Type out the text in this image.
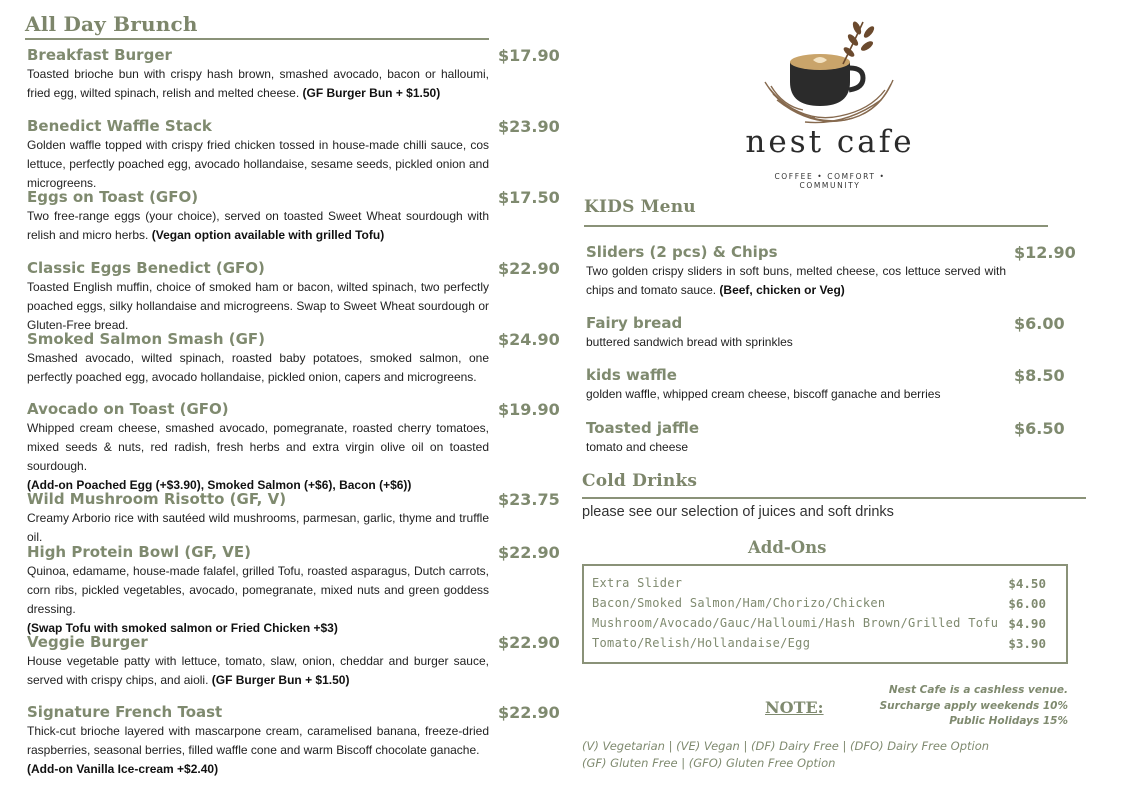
All Day Brunch
Breakfast Burger	$17.90
Toasted brioche bun with crispy hash brown, smashed avocado, bacon or halloumi, fried egg, wilted spinach, relish and melted cheese. (GF Burger Bun + $1.50)
Benedict Waffle Stack	$23.90
Golden waffle topped with crispy fried chicken tossed in house-made chilli sauce, cos lettuce, perfectly poached egg, avocado hollandaise, sesame seeds, pickled onion and microgreens.
Eggs on Toast (GFO)	$17.50
Two free-range eggs (your choice), served on toasted Sweet Wheat sourdough with relish and micro herbs. (Vegan option available with grilled Tofu)
Classic Eggs Benedict (GFO)	$22.90
Toasted English muffin, choice of smoked ham or bacon, wilted spinach, two perfectly poached eggs, silky hollandaise and microgreens. Swap to Sweet Wheat sourdough or Gluten-Free bread.
Smoked Salmon Smash (GF)	$24.90
Smashed avocado, wilted spinach, roasted baby potatoes, smoked salmon, one perfectly poached egg, avocado hollandaise, pickled onion, capers and microgreens.
Avocado on Toast (GFO)	$19.90
Whipped cream cheese, smashed avocado, pomegranate, roasted cherry tomatoes, mixed seeds & nuts, red radish, fresh herbs and extra virgin olive oil on toasted sourdough.
(Add-on Poached Egg (+$3.90), Smoked Salmon (+$6), Bacon (+$6))
Wild Mushroom Risotto (GF, V)	$23.75
Creamy Arborio rice with sautéed wild mushrooms, parmesan, garlic, thyme and truffle oil.
High Protein Bowl (GF, VE)	$22.90
Quinoa, edamame, house-made falafel, grilled Tofu, roasted asparagus, Dutch carrots, corn ribs, pickled vegetables, avocado, pomegranate, mixed nuts and green goddess dressing.
(Swap Tofu with smoked salmon or Fried Chicken +$3)
Veggie Burger	$22.90
House vegetable patty with lettuce, tomato, slaw, onion, cheddar and burger sauce, served with crispy chips, and aioli. (GF Burger Bun + $1.50)
Signature French Toast	$22.90
Thick-cut brioche layered with mascarpone cream, caramelised banana, freeze-dried raspberries, seasonal berries, filled waffle cone and warm Biscoff chocolate ganache.
(Add-on Vanilla Ice-cream +$2.40)
nest cafe
COFFEE • COMFORT • COMMUNITY
KIDS Menu
Sliders (2 pcs) & Chips	$12.90
Two golden crispy sliders in soft buns, melted cheese, cos lettuce served with chips and tomato sauce. (Beef, chicken or Veg)
Fairy bread	$6.00
buttered sandwich bread with sprinkles
kids waffle	$8.50
golden waffle, whipped cream cheese, biscoff ganache and berries
Toasted jaffle	$6.50
tomato and cheese
Cold Drinks
please see our selection of juices and soft drinks
Add-Ons
Extra Slider	$4.50
Bacon/Smoked Salmon/Ham/Chorizo/Chicken	$6.00
Mushroom/Avocado/Gauc/Halloumi/Hash Brown/Grilled Tofu $4.90
Tomato/Relish/Hollandaise/Egg	$3.90
NOTE:
Nest Cafe is a cashless venue.
Surcharge apply weekends 10%
Public Holidays 15%
(V) Vegetarian | (VE) Vegan | (DF) Dairy Free | (DFO) Dairy Free Option
(GF) Gluten Free | (GFO) Gluten Free Option
